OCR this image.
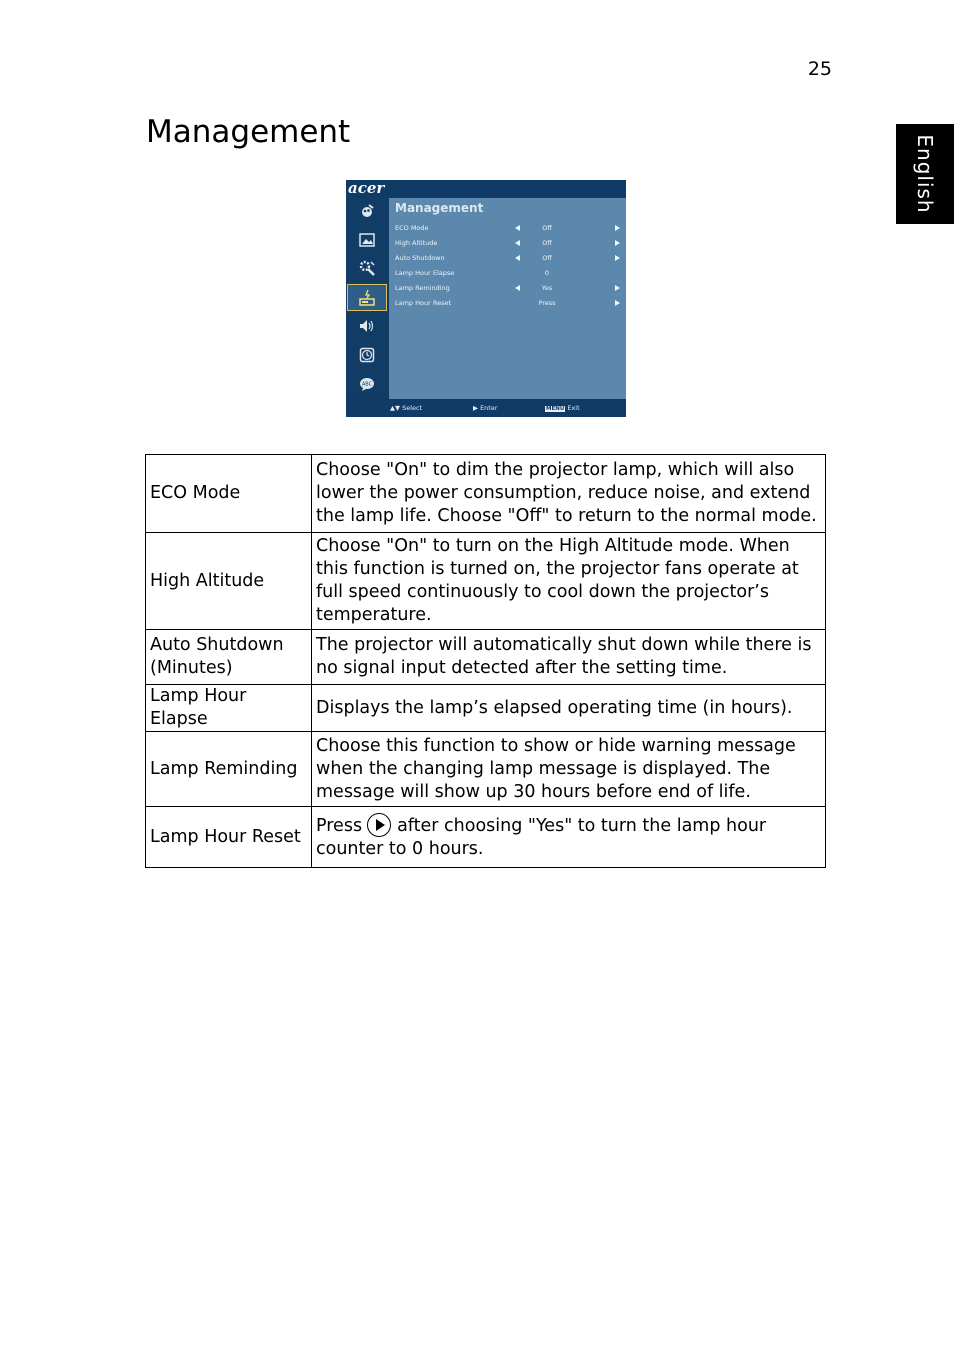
25
Management
English
acer
ABC
Management
ECO Mode	Off
High Altitude	Off
Auto Shutdown	Off
Lamp Hour Elapse	0
Lamp Reminding	Yes
Lamp Hour Reset	Press
▲▼ Select	▶ Enter	MENU Exit
ECO Mode	Choose "On" to dim the projector lamp, which will also lower the power consumption, reduce noise, and extend the lamp life. Choose "Off" to return to the normal mode.
High Altitude	Choose "On" to turn on the High Altitude mode. When this function is turned on, the projector fans operate at full speed continuously to cool down the projector’s temperature.
Auto Shutdown (Minutes)	The projector will automatically shut down while there is no signal input detected after the setting time.
Lamp Hour Elapse	Displays the lamp’s elapsed operating time (in hours).
Lamp Reminding	Choose this function to show or hide warning message when the changing lamp message is displayed. The message will show up 30 hours before end of life.
Lamp Hour Reset	Press after choosing "Yes" to turn the lamp hour counter to 0 hours.
